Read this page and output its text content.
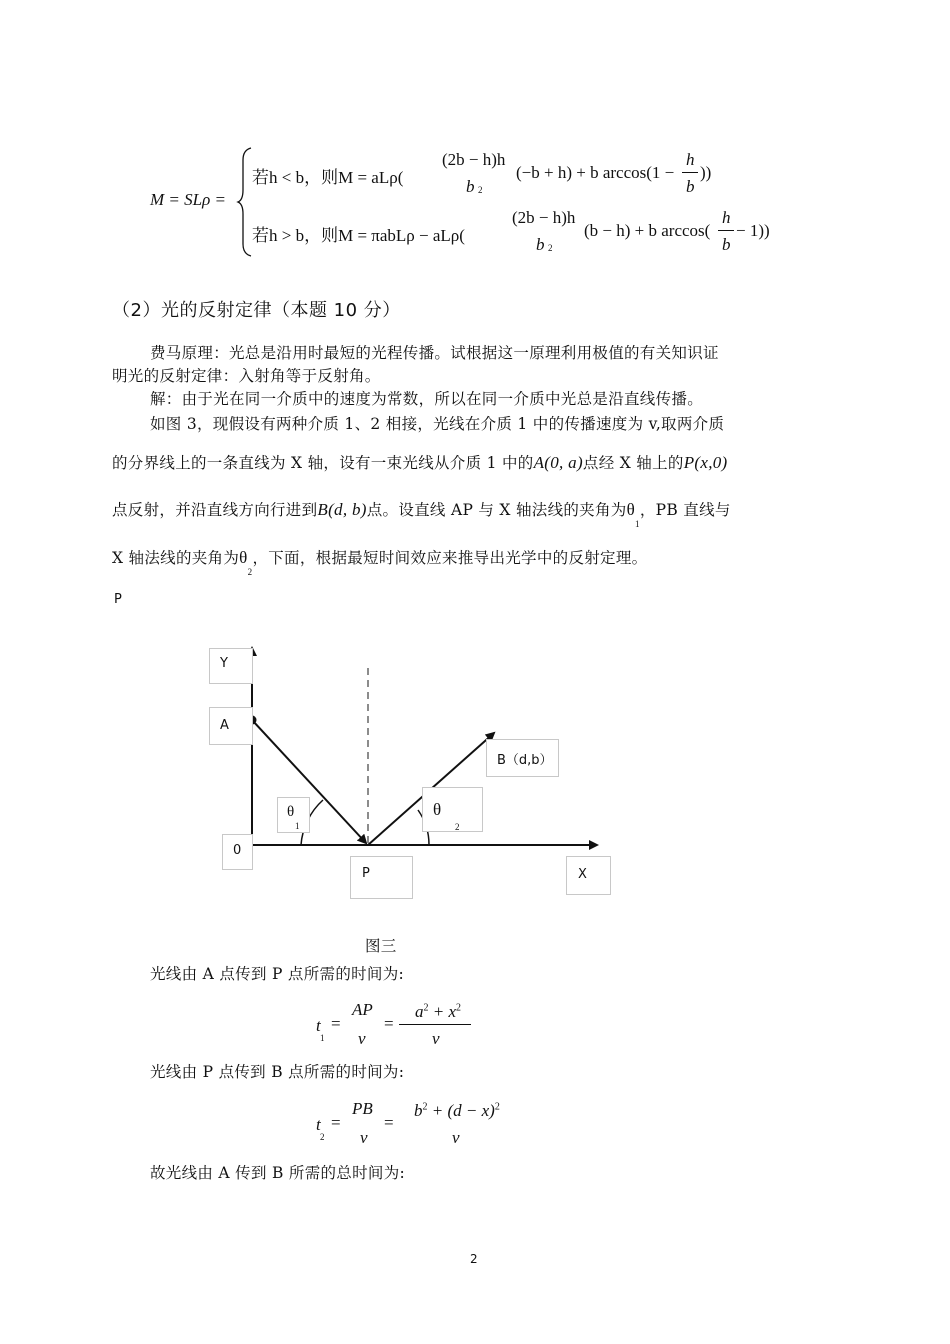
M = SLρ =
若h < b，则M = aLρ(
(2b − h)h
b 2
(−b + h) + b arccos(1 −
h
b
))
若h > b，则M = πabLρ − aLρ(
(2b − h)h
b 2
(b − h) + b arccos(
h
b
− 1))
（2）光的反射定律（本题 10 分）
费马原理：光总是沿用时最短的光程传播。试根据这一原理利用极值的有关知识证
明光的反射定律：入射角等于反射角。
解：由于光在同一介质中的速度为常数，所以在同一介质中光总是沿直线传播。
如图 3，现假设有两种介质 1、2 相接，光线在介质 1 中的传播速度为 v,取两介质
的分界线上的一条直线为 X 轴，设有一束光线从介质 1 中的A(0, a)点经 X 轴上的P(x,0)
点反射，并沿直线方向行进到B(d, b)点。设直线 AP 与 X 轴法线的夹角为$\theta_1$，PB 直线与
X 轴法线的夹角为$\theta_2$，下面，根据最短时间效应来推导出光学中的反射定理。
P
Y
A
0
P	X
B（d,b）
θ
1
θ
2
图三
光线由 A 点传到 P 点所需的时间为:
t
1
=
AP
v
=
$a^2 + x^2$
v
光线由 P 点传到 B 点所需的时间为:
t
2
=
PB
v
=
$b^2 + (d - x)^2$
v
故光线由 A 传到 B 所需的总时间为:
2
